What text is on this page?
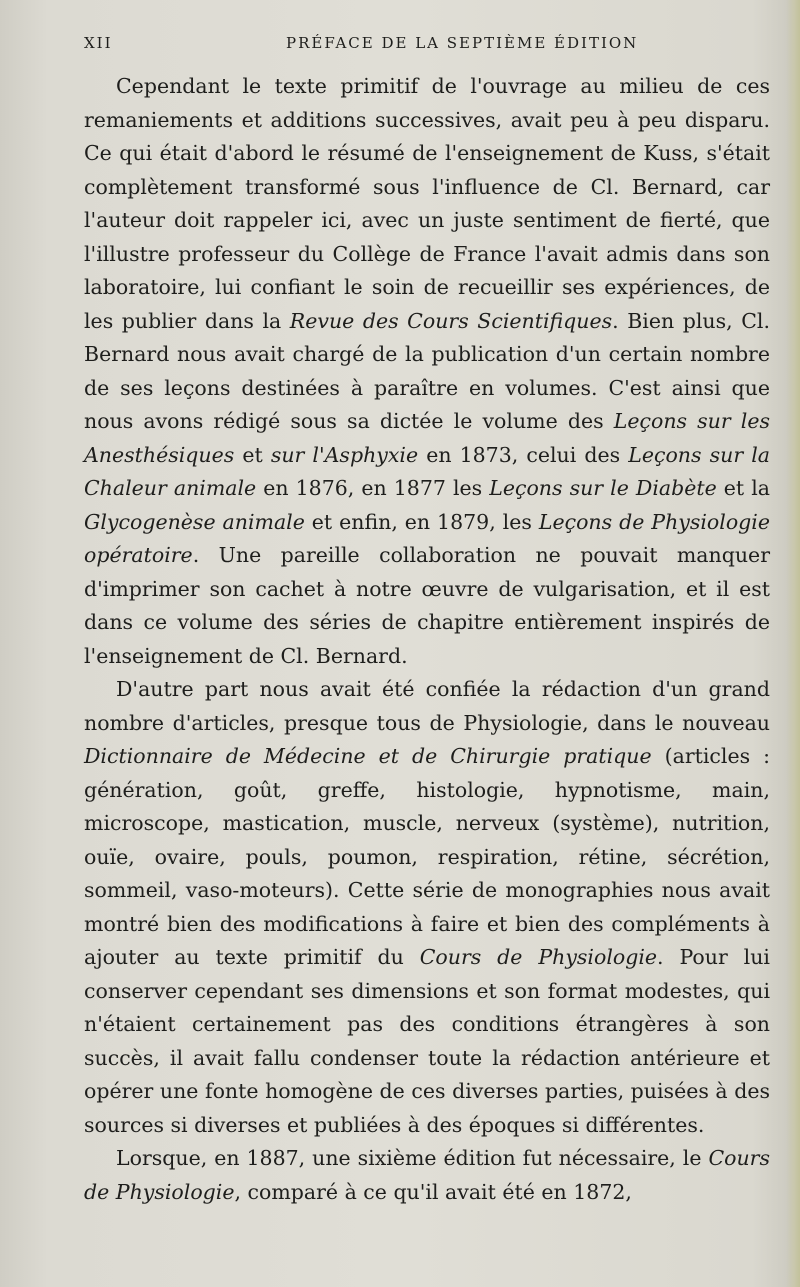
XII	PRÉFACE DE LA SEPTIÈME ÉDITION

Cependant le texte primitif de l'ouvrage au milieu de ces remaniements et additions successives, avait peu à peu disparu. Ce qui était d'abord le résumé de l'enseignement de Kuss, s'était complètement transformé sous l'influence de Cl. Bernard, car l'auteur doit rappeler ici, avec un juste sentiment de fierté, que l'illustre professeur du Collège de France l'avait admis dans son laboratoire, lui confiant le soin de recueillir ses expériences, de les publier dans la Revue des Cours Scientifiques. Bien plus, Cl. Bernard nous avait chargé de la publication d'un certain nombre de ses leçons destinées à paraître en volumes. C'est ainsi que nous avons rédigé sous sa dictée le volume des Leçons sur les Anesthésiques et sur l'Asphyxie en 1873, celui des Leçons sur la Chaleur animale en 1876, en 1877 les Leçons sur le Diabète et la Glycogenèse animale et enfin, en 1879, les Leçons de Physiologie opératoire. Une pareille collaboration ne pouvait manquer d'imprimer son cachet à notre œuvre de vulgarisation, et il est dans ce volume des séries de chapitre entièrement inspirés de l'enseignement de Cl. Bernard.

D'autre part nous avait été confiée la rédaction d'un grand nombre d'articles, presque tous de Physiologie, dans le nouveau Dictionnaire de Médecine et de Chirurgie pratique (articles : génération, goût, greffe, histologie, hypnotisme, main, microscope, mastication, muscle, nerveux (système), nutrition, ouïe, ovaire, pouls, poumon, respiration, rétine, sécrétion, sommeil, vaso-moteurs). Cette série de monographies nous avait montré bien des modifications à faire et bien des compléments à ajouter au texte primitif du Cours de Physiologie. Pour lui conserver cependant ses dimensions et son format modestes, qui n'étaient certainement pas des conditions étrangères à son succès, il avait fallu condenser toute la rédaction antérieure et opérer une fonte homogène de ces diverses parties, puisées à des sources si diverses et publiées à des époques si différentes.

Lorsque, en 1887, une sixième édition fut nécessaire, le Cours de Physiologie, comparé à ce qu'il avait été en 1872,
